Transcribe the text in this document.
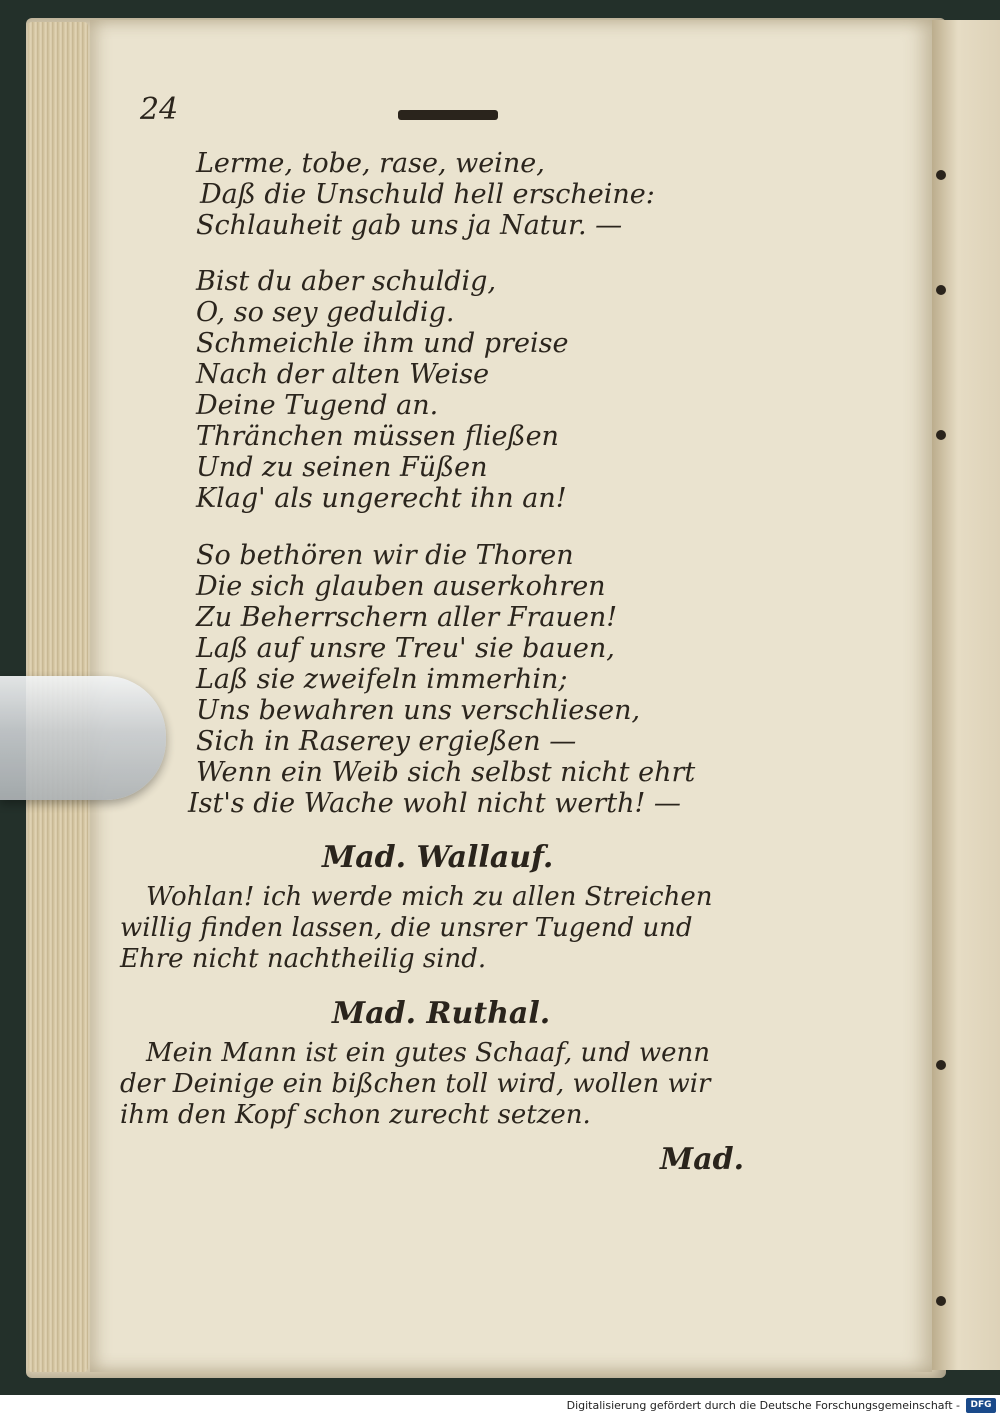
24
Lerme, tobe, rase, weine,
Daß die Unschuld hell erscheine:
Schlauheit gab uns ja Natur. —
Bist du aber schuldig,
O, so sey geduldig.
Schmeichle ihm und preise
Nach der alten Weise
Deine Tugend an.
Thränchen müssen fließen
Und zu seinen Füßen
Klag' als ungerecht ihn an!
So bethören wir die Thoren
Die sich glauben auserkohren
Zu Beherrschern aller Frauen!
Laß auf unsre Treu' sie bauen,
Laß sie zweifeln immerhin;
Uns bewahren uns verschliesen,
Sich in Raserey ergießen —
Wenn ein Weib sich selbst nicht ehrt
Ist's die Wache wohl nicht werth! —
Mad. Wallauf.
Wohlan! ich werde mich zu allen Streichen
willig finden lassen, die unsrer Tugend und
Ehre nicht nachtheilig sind.
Mad. Ruthal.
Mein Mann ist ein gutes Schaaf, und wenn
der Deinige ein bißchen toll wird, wollen wir
ihm den Kopf schon zurecht setzen.
Mad.
Digitalisierung gefördert durch die Deutsche Forschungsgemeinschaft -	DFG
